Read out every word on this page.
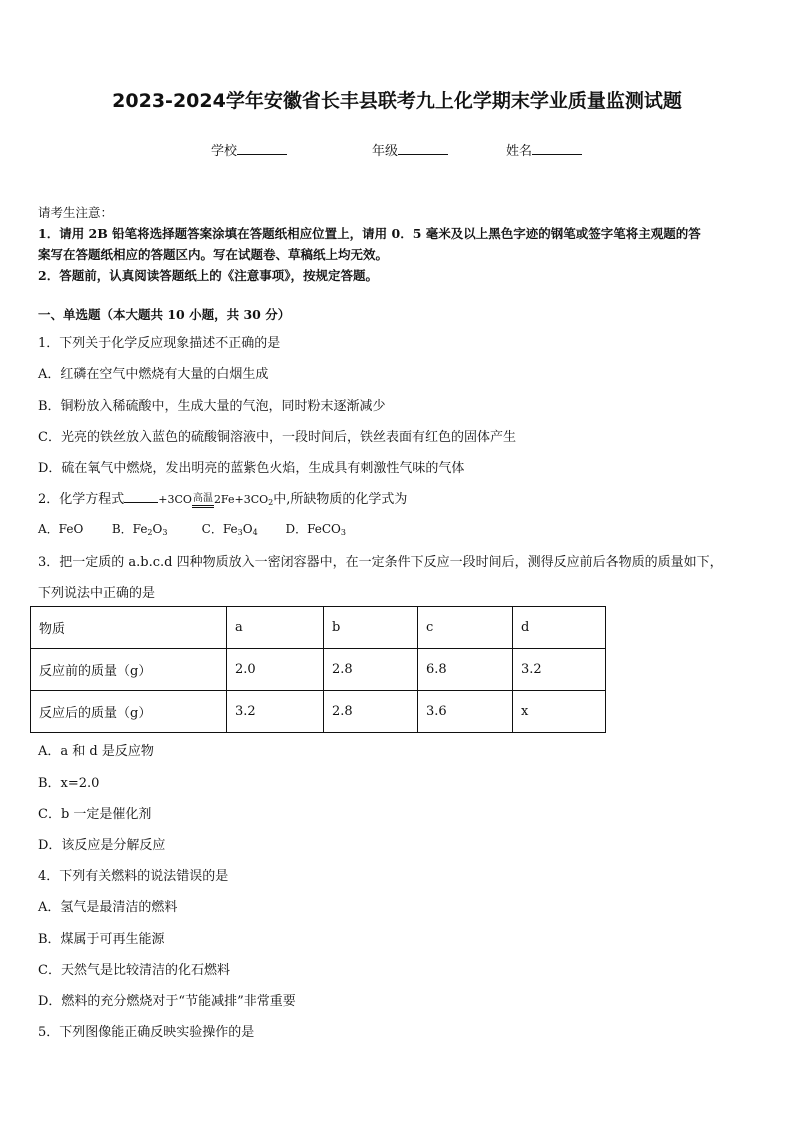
2023-2024学年安徽省长丰县联考九上化学期末学业质量监测试题
学校	年级	姓名
请考生注意：
1．请用 2B 铅笔将选择题答案涂填在答题纸相应位置上，请用 0．5 毫米及以上黑色字迹的钢笔或签字笔将主观题的答
案写在答题纸相应的答题区内。写在试题卷、草稿纸上均无效。
2．答题前，认真阅读答题纸上的《注意事项》，按规定答题。
一、单选题（本大题共 10 小题，共 30 分）
1．下列关于化学反应现象描述不正确的是
A．红磷在空气中燃烧有大量的白烟生成
B．铜粉放入稀硫酸中，生成大量的气泡，同时粉末逐渐减少
C．光亮的铁丝放入蓝色的硫酸铜溶液中，一段时间后，铁丝表面有红色的固体产生
D．硫在氧气中燃烧，发出明亮的蓝紫色火焰，生成具有刺激性气味的气体
2．化学方程式	+3CO高温$2Fe+3CO_2$中,所缺物质的化学式为
A．FeO B．Fe2O3	C．Fe3O4 D．FeCO3
3．把一定质的 a.b.c.d 四种物质放入一密闭容器中，在一定条件下反应一段时间后，测得反应前后各物质的质量如下，
下列说法中正确的是
物质	a	b	c	d
反应前的质量（g）	2.0	2.8	6.8	3.2
反应后的质量（g）	3.2	2.8	3.6	x
A．a 和 d 是反应物
B．x=2.0
C．b 一定是催化剂
D．该反应是分解反应
4．下列有关燃料的说法错误的是
A．氢气是最清洁的燃料
B．煤属于可再生能源
C．天然气是比较清洁的化石燃料
D．燃料的充分燃烧对于“节能减排”非常重要
5．下列图像能正确反映实验操作的是
